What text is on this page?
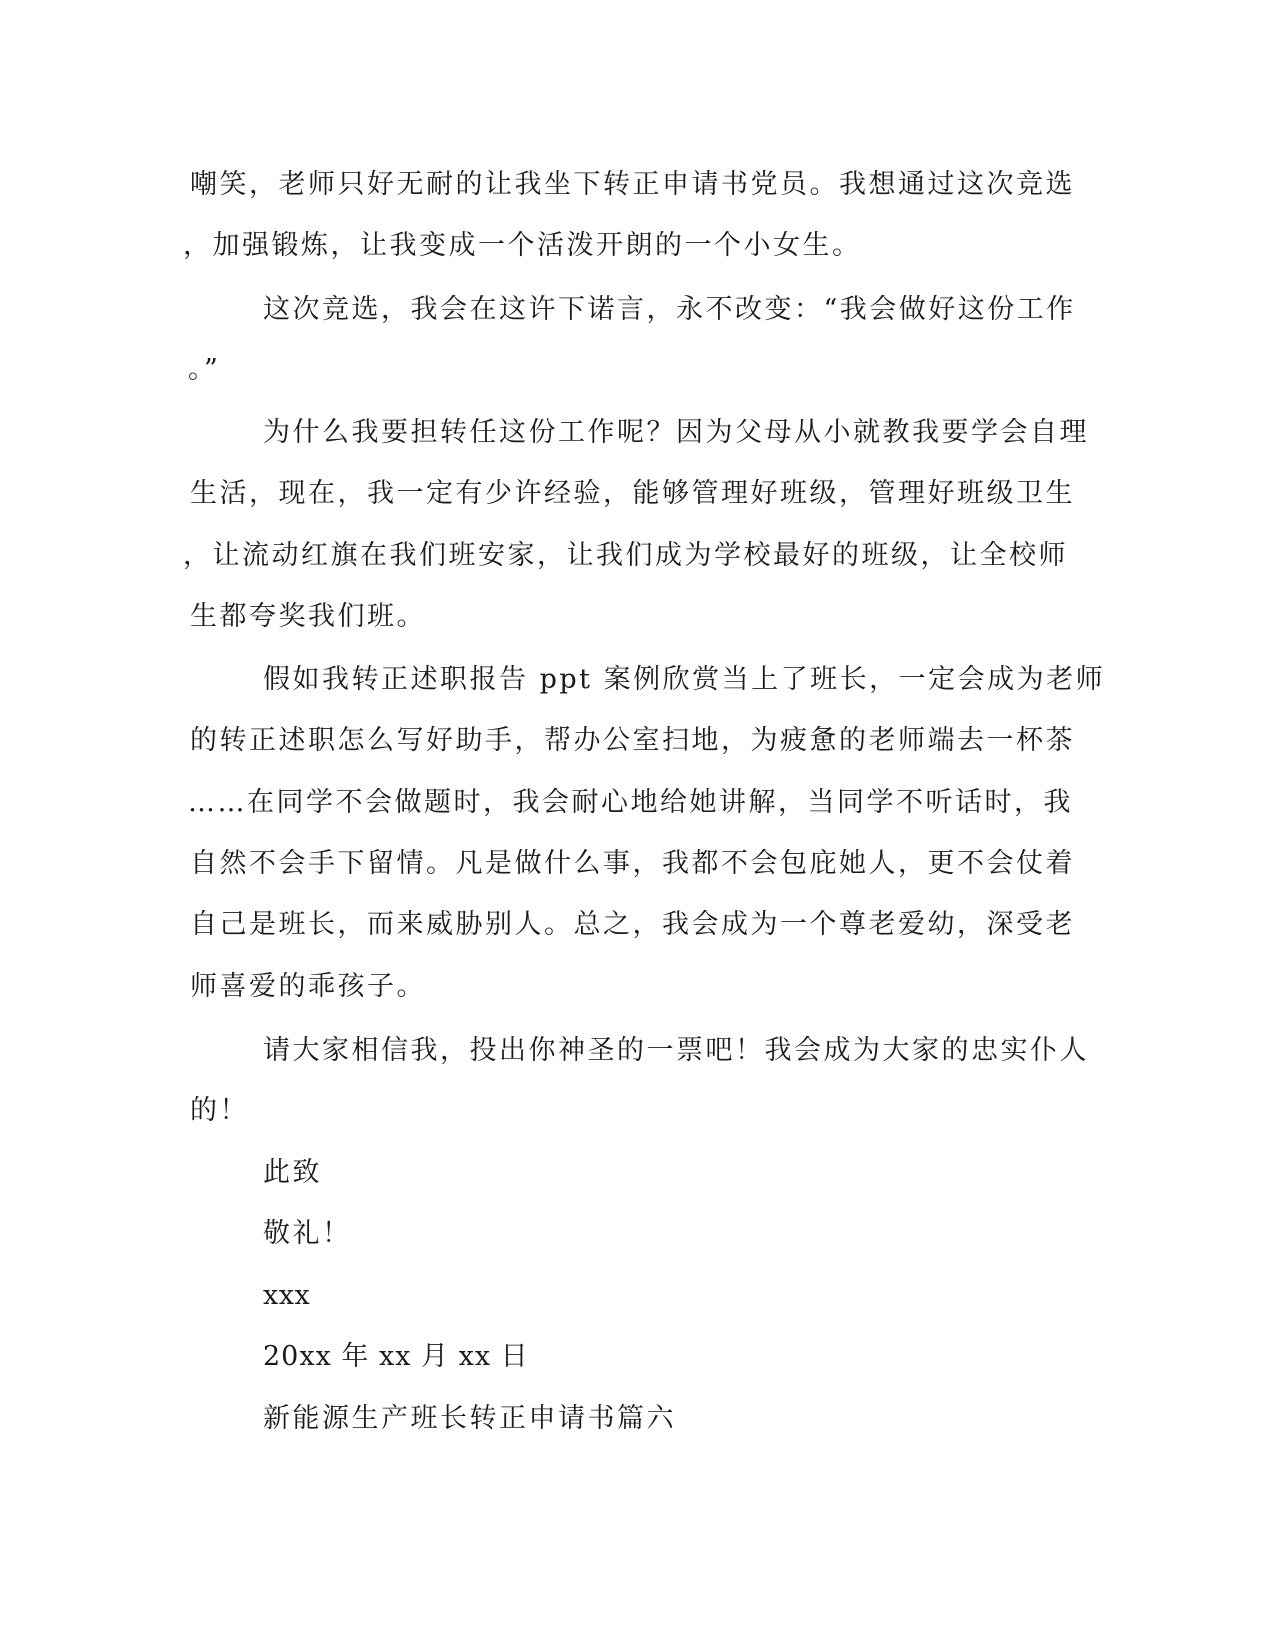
嘲笑，老师只好无耐的让我坐下转正申请书党员。我想通过这次竞选
，加强锻炼，让我变成一个活泼开朗的一个小女生。
这次竞选，我会在这许下诺言，永不改变：“我会做好这份工作
。”
为什么我要担转任这份工作呢？因为父母从小就教我要学会自理
生活，现在，我一定有少许经验，能够管理好班级，管理好班级卫生
，让流动红旗在我们班安家，让我们成为学校最好的班级，让全校师
生都夸奖我们班。
假如我转正述职报告 ppt 案例欣赏当上了班长，一定会成为老师
的转正述职怎么写好助手，帮办公室扫地，为疲惫的老师端去一杯茶
……在同学不会做题时，我会耐心地给她讲解，当同学不听话时，我
自然不会手下留情。凡是做什么事，我都不会包庇她人，更不会仗着
自己是班长，而来威胁别人。总之，我会成为一个尊老爱幼，深受老
师喜爱的乖孩子。
请大家相信我，投出你神圣的一票吧！我会成为大家的忠实仆人
的！
此致
敬礼！
xxx
20xx 年 xx 月 xx 日
新能源生产班长转正申请书篇六
